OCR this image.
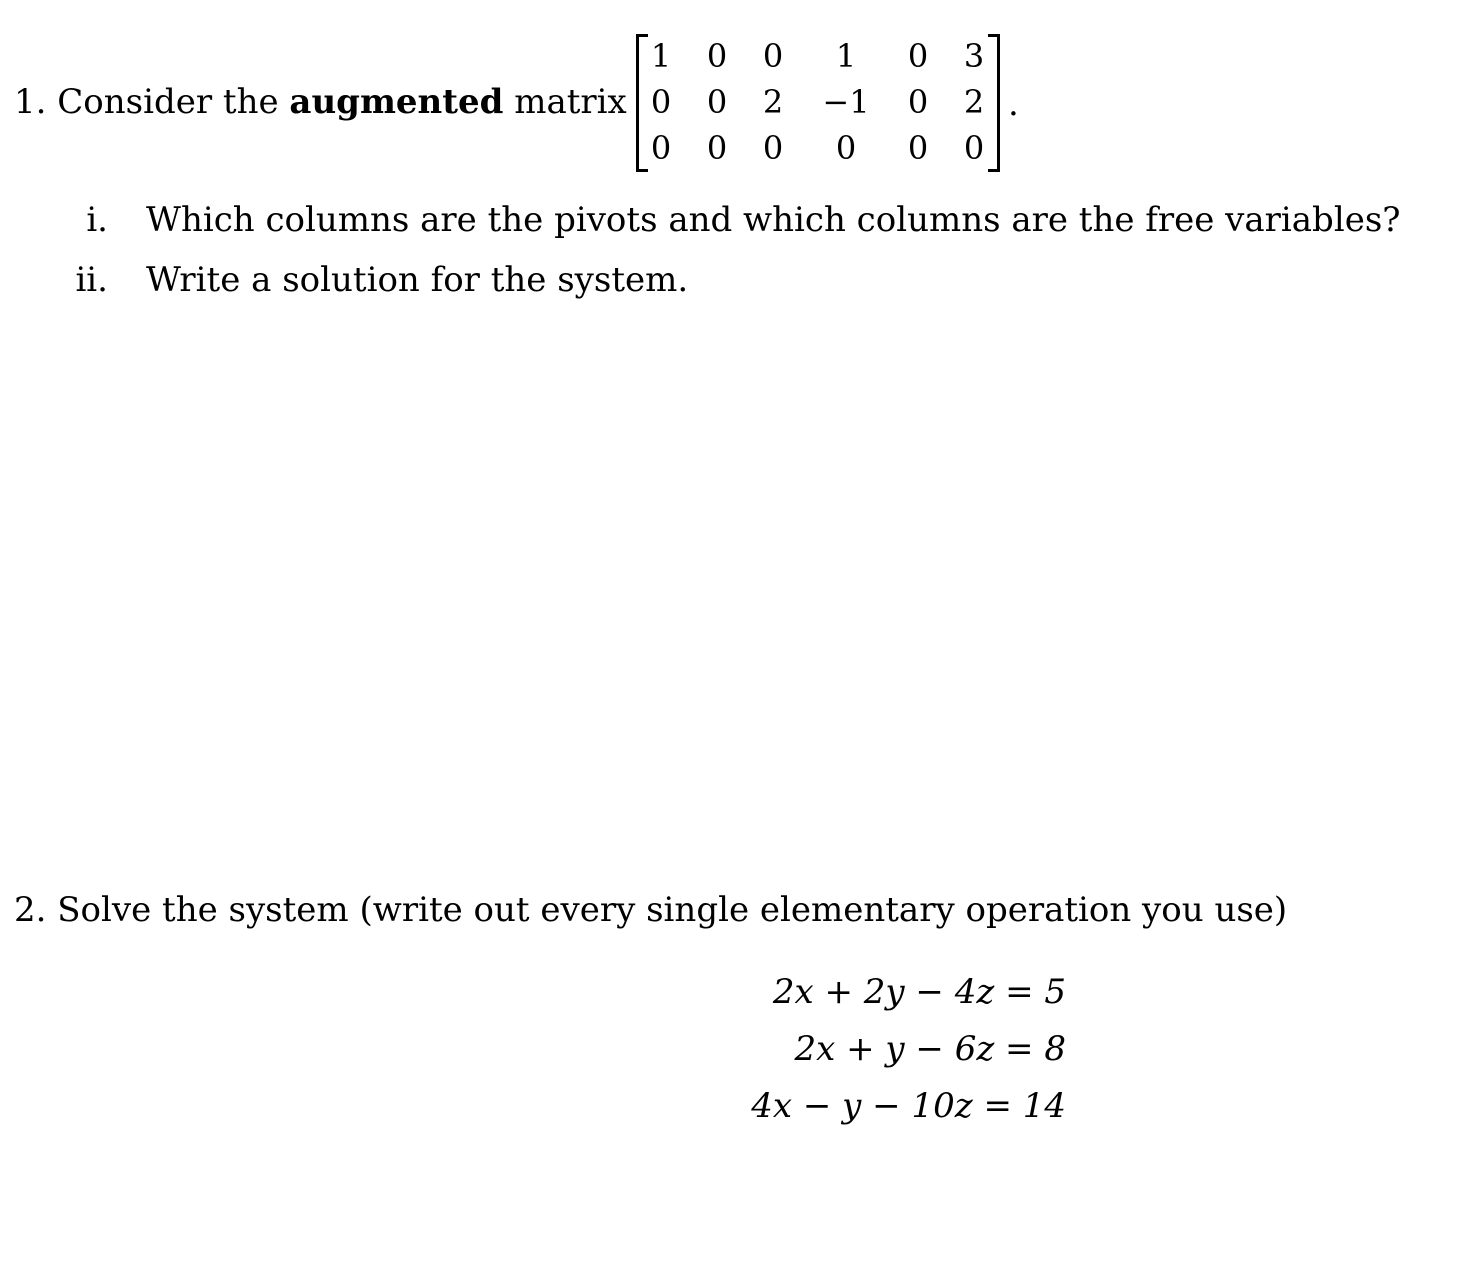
1. Consider the augmented matrix
1	0	0	1	0	3
0	0	2	−1	0	2
0	0	0	0	0	0
.
i. Which columns are the pivots and which columns are the free variables?
ii. Write a solution for the system.
2. Solve the system (write out every single elementary operation you use)
2x + 2y − 4z = 5
2x + y − 6z = 8
4x − y − 10z = 14
